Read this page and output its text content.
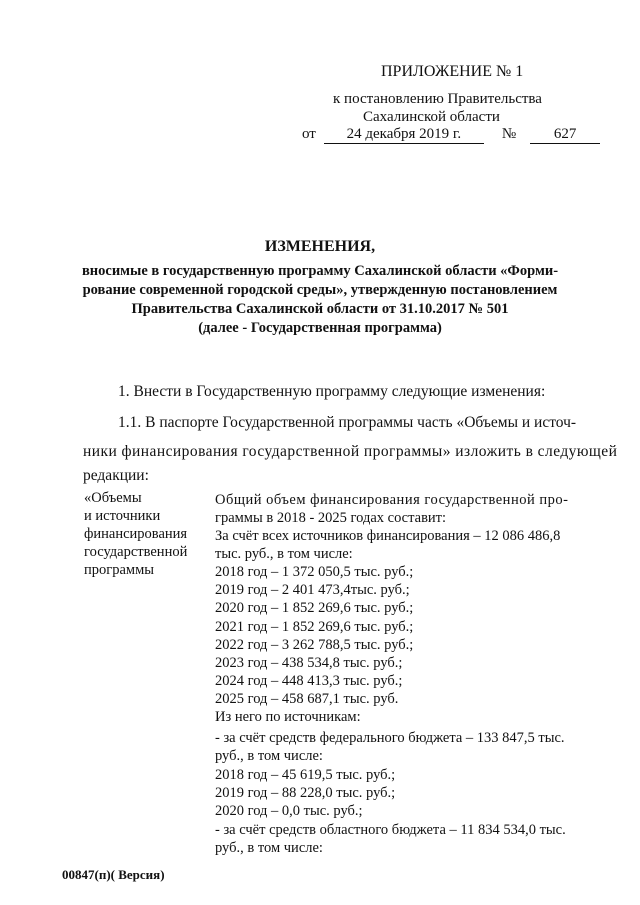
ПРИЛОЖЕНИЕ № 1
к постановлению Правительства
Сахалинской области
от 24 декабря 2019 г.	№	627
ИЗМЕНЕНИЯ,
вносимые в государственную программу Сахалинской области «Форми-
рование современной городской среды», утвержденную постановлением
Правительства Сахалинской области от 31.10.2017 № 501
(далее - Государственная программа)
1. Внести в Государственную программу следующие изменения:
1.1. В паспорте Государственной программы часть «Объемы и источ-
ники финансирования государственной программы» изложить в следующей
редакции:
«Объемы
и источники
финансирования
государственной
программы
Общий объем финансирования государственной про-
граммы в 2018 - 2025 годах составит:
За счёт всех источников финансирования – 12 086 486,8
тыс. руб., в том числе:
2018 год – 1 372 050,5 тыс. руб.;
2019 год – 2 401 473,4тыс. руб.;
2020 год – 1 852 269,6 тыс. руб.;
2021 год – 1 852 269,6 тыс. руб.;
2022 год – 3 262 788,5 тыс. руб.;
2023 год – 438 534,8 тыс. руб.;
2024 год – 448 413,3 тыс. руб.;
2025 год – 458 687,1 тыс. руб.
Из него по источникам:
- за счёт средств федерального бюджета – 133 847,5 тыс.
руб., в том числе:
2018 год – 45 619,5 тыс. руб.;
2019 год – 88 228,0 тыс. руб.;
2020 год – 0,0 тыс. руб.;
- за счёт средств областного бюджета – 11 834 534,0 тыс.
руб., в том числе:
00847(п)( Версия)
